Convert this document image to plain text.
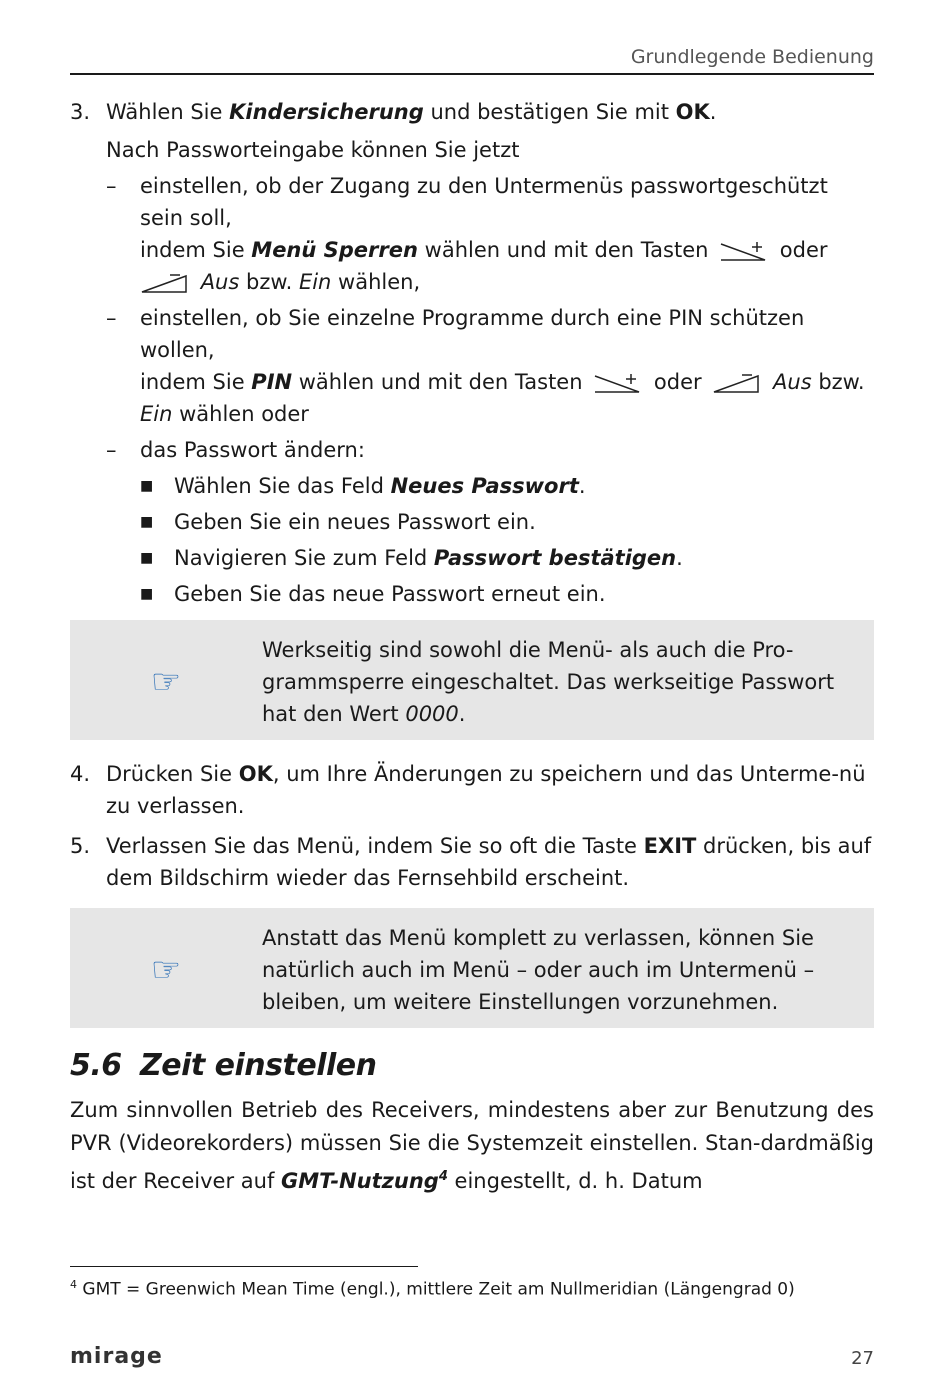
Grundlegende Bedienung
3. Wählen Sie Kindersicherung und bestätigen Sie mit OK.

Nach Passworteingabe können Sie jetzt

–	einstellen, ob der Zugang zu den Untermenüs passwortgeschützt sein soll,
indem Sie Menü Sperren wählen und mit den Tasten	oder
Aus bzw. Ein wählen,
–	einstellen, ob Sie einzelne Programme durch eine PIN schützen wollen,
indem Sie PIN wählen und mit den Tasten	oder	Aus bzw.
Ein wählen oder
–	das Passwort ändern:
■ Wählen Sie das Feld Neues Passwort.
■ Geben Sie ein neues Passwort ein.
■ Navigieren Sie zum Feld Passwort bestätigen.
■ Geben Sie das neue Passwort erneut ein.
☞
Werkseitig sind sowohl die Menü- als auch die Pro-grammsperre eingeschaltet. Das werkseitige Passwort hat den Wert 0000.
4. Drücken Sie OK, um Ihre Änderungen zu speichern und das Unterme-nü zu verlassen.
5. Verlassen Sie das Menü, indem Sie so oft die Taste EXIT drücken, bis auf dem Bildschirm wieder das Fernsehbild erscheint.
☞
Anstatt das Menü komplett zu verlassen, können Sie natürlich auch im Menü – oder auch im Untermenü – bleiben, um weitere Einstellungen vorzunehmen.
5.6 Zeit einstellen

Zum sinnvollen Betrieb des Receivers, mindestens aber zur Benutzung des PVR (Videorekorders) müssen Sie die Systemzeit einstellen. Stan-dardmäßig ist der Receiver auf GMT-Nutzung$^4$ eingestellt, d. h. Datum

$^4$ GMT = Greenwich Mean Time (engl.), mittlere Zeit am Nullmeridian (Längengrad 0)
mirage	27
